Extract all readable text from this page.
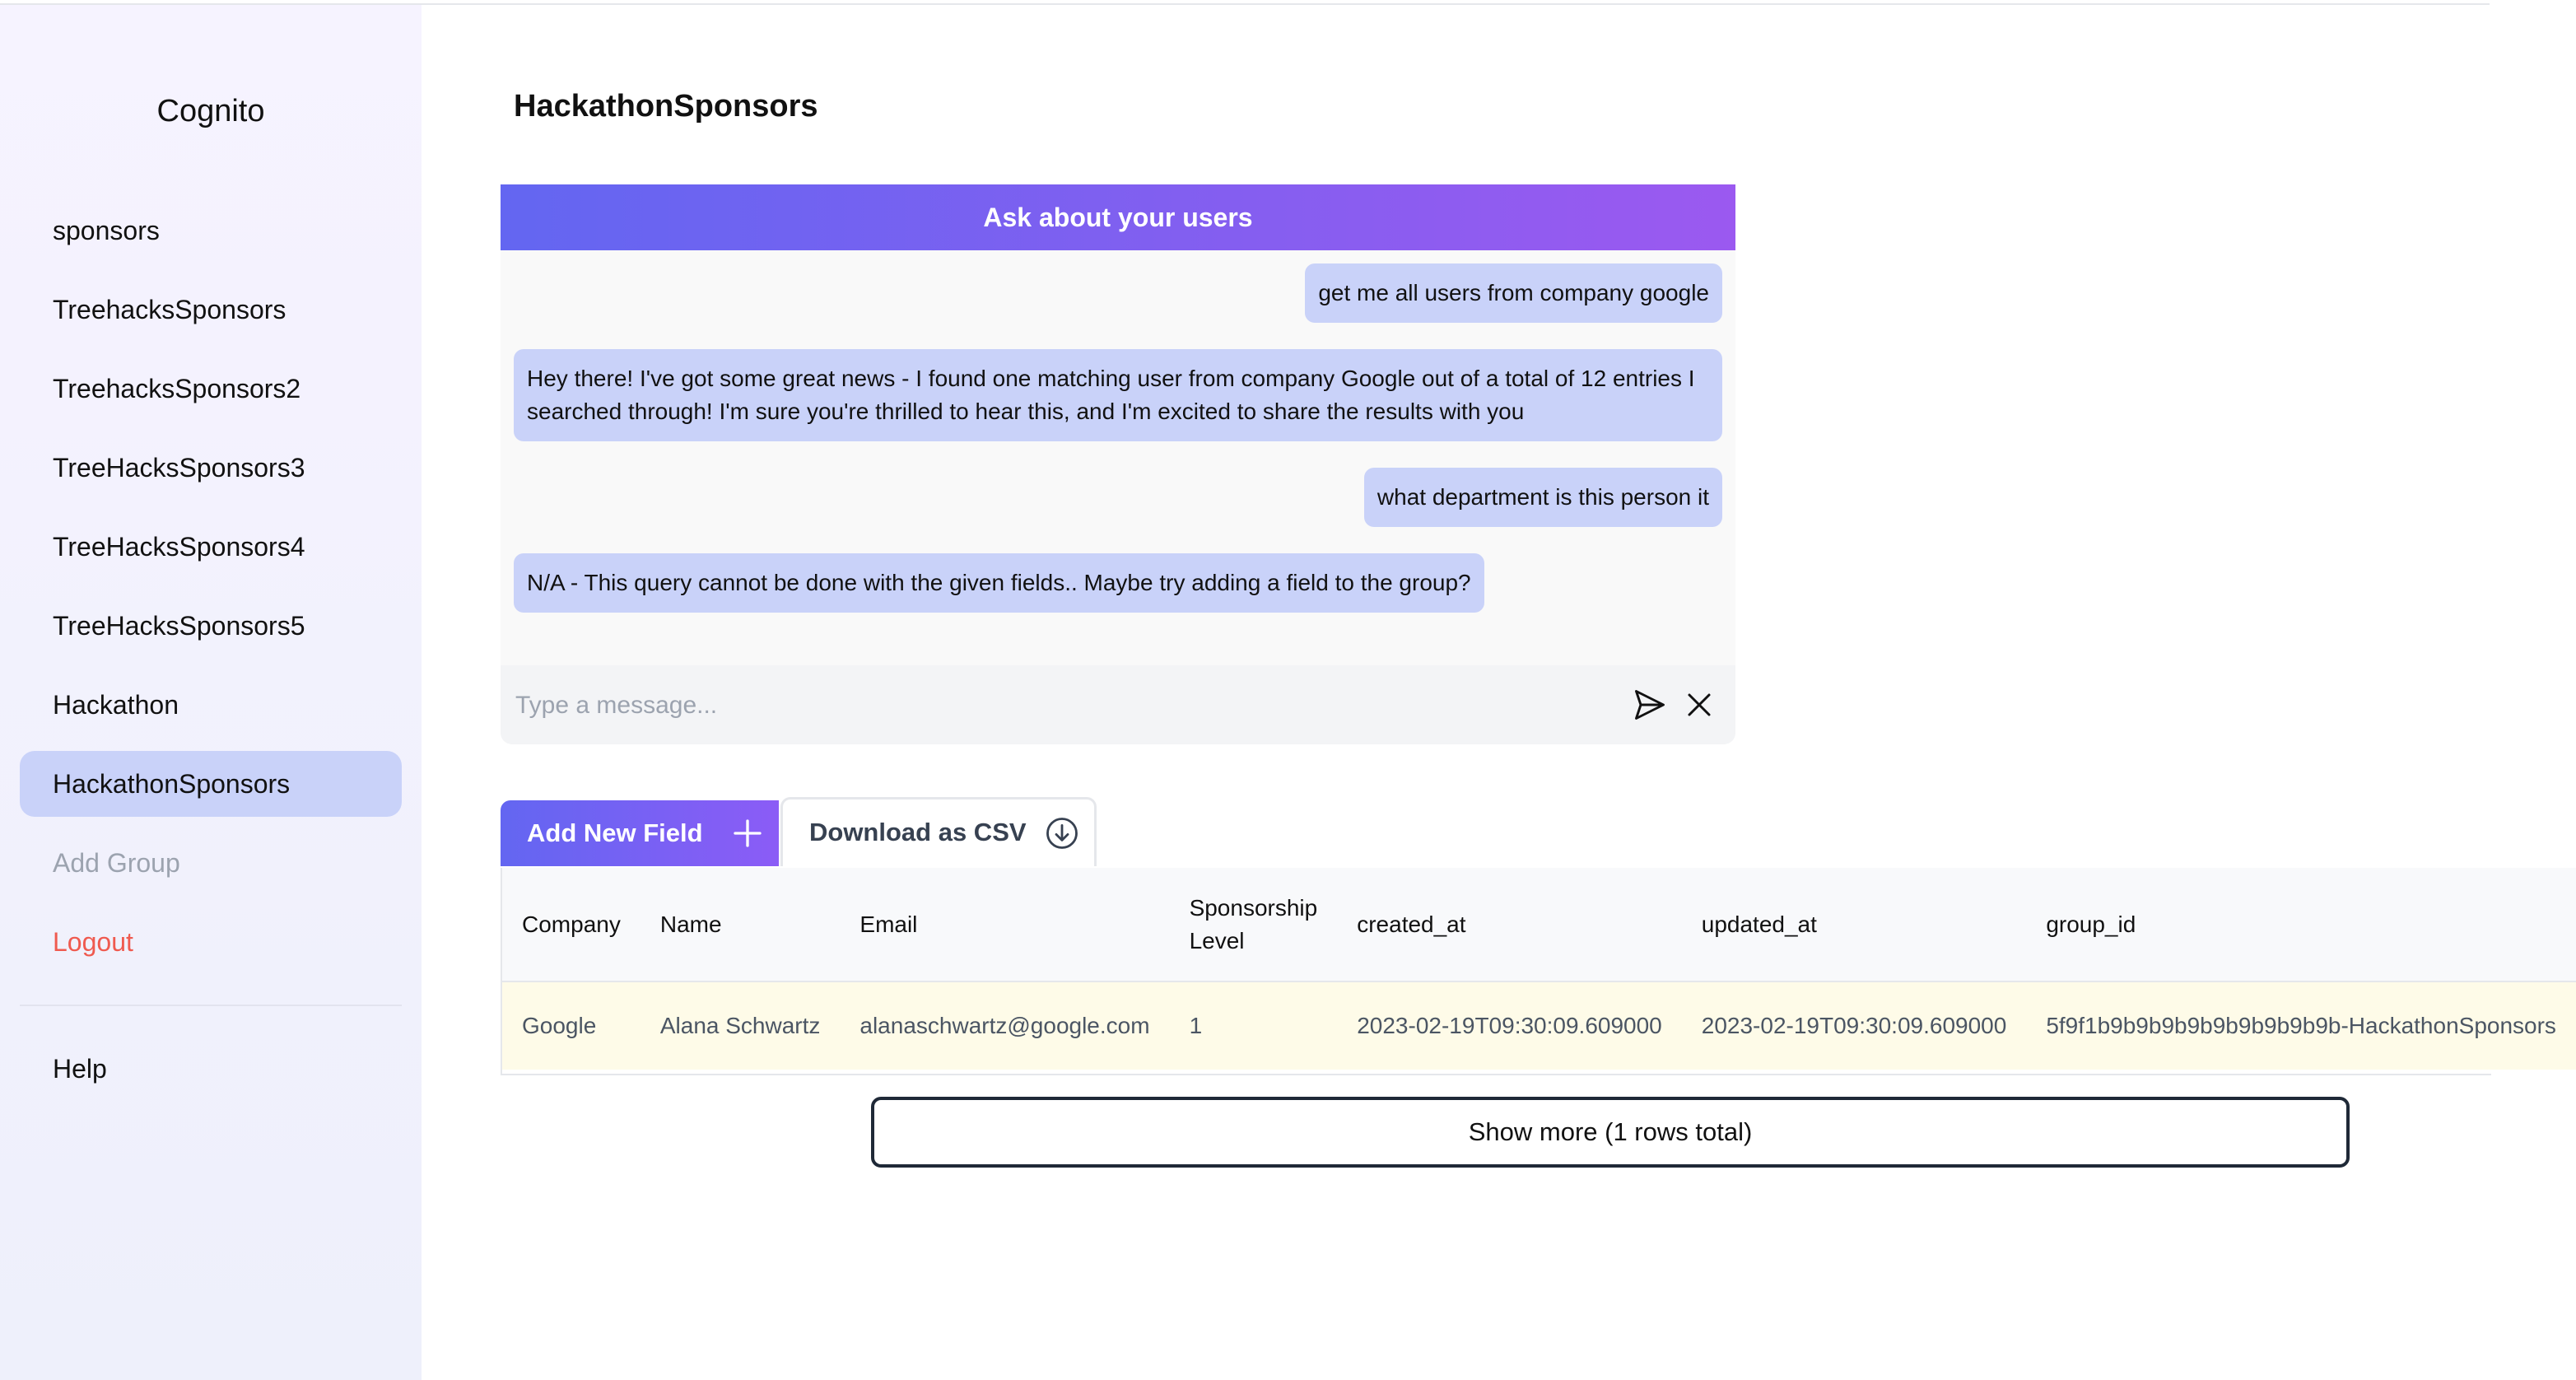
Cognito
sponsors
TreehacksSponsors
TreehacksSponsors2
TreeHacksSponsors3
TreeHacksSponsors4
TreeHacksSponsors5
Hackathon
HackathonSponsors
Add Group
Logout
Help
HackathonSponsors
Ask about your users
get me all users from company google
Hey there! I've got some great news - I found one matching user from company Google out of a total of 12 entries I searched through! I'm sure you're thrilled to hear this, and I'm excited to share the results with you
what department is this person it
N/A - This query cannot be done with the given fields.. Maybe try adding a field to the group?
Type a message...
Add New Field	Download as CSV
Company	Name	Email	Sponsorship Level	created_at	updated_at	group_id
Google	Alana Schwartz	alanaschwartz@google.com	1	2023-02-19T09:30:09.609000	2023-02-19T09:30:09.609000	5f9f1b9b9b9b9b9b9b9b9b9b-HackathonSponsors
Show more (1 rows total)
